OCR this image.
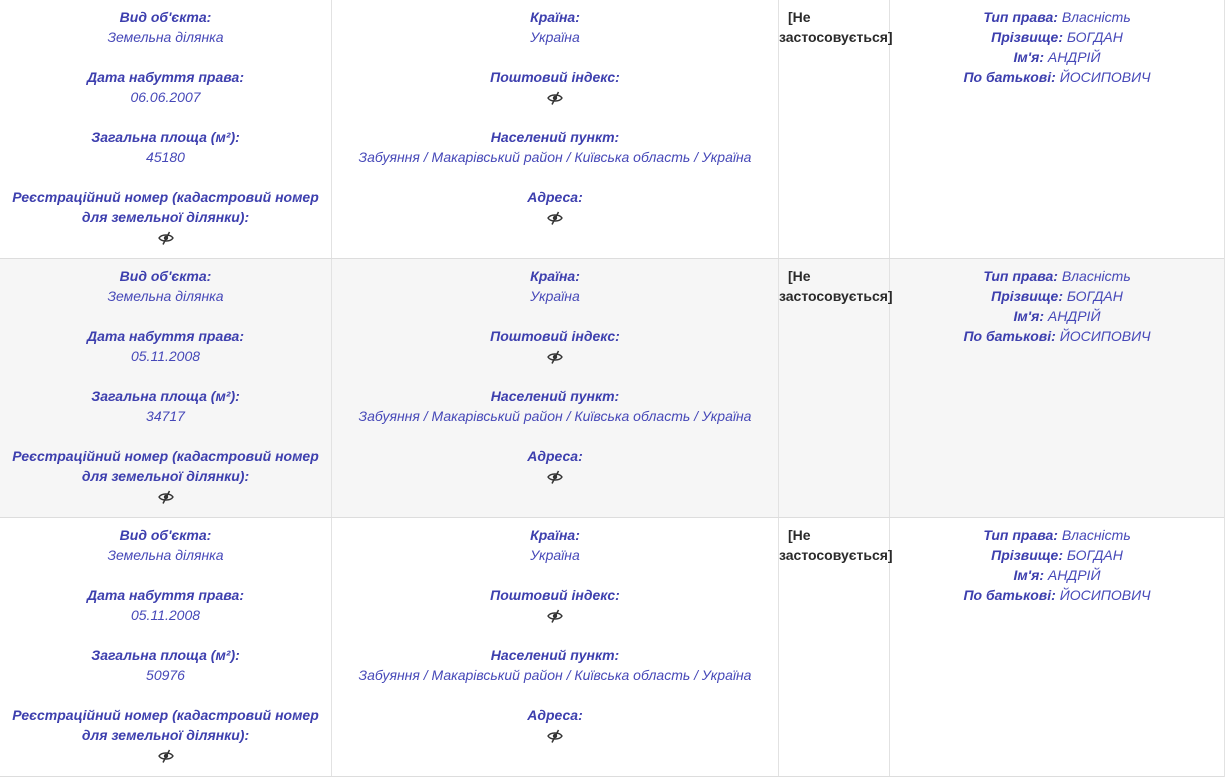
Вид об'єкта:
Земельна ділянка
Дата набуття права:
06.06.2007
Загальна площа (м²):
45180
Реєстраційний номер (кадастровий номер
для земельної ділянки):
Країна:
Україна
Поштовий індекс:
Населений пункт:
Забуяння / Макарівський район / Київська область / Україна
Адреса:
[Не
застосовується]
Тип права: Власність
Прізвище: БОГДАН
Ім'я: АНДРІЙ
По батькові: ЙОСИПОВИЧ
Вид об'єкта:
Земельна ділянка
Дата набуття права:
05.11.2008
Загальна площа (м²):
34717
Реєстраційний номер (кадастровий номер
для земельної ділянки):
Країна:
Україна
Поштовий індекс:
Населений пункт:
Забуяння / Макарівський район / Київська область / Україна
Адреса:
[Не
застосовується]
Тип права: Власність
Прізвище: БОГДАН
Ім'я: АНДРІЙ
По батькові: ЙОСИПОВИЧ
Вид об'єкта:
Земельна ділянка
Дата набуття права:
05.11.2008
Загальна площа (м²):
50976
Реєстраційний номер (кадастровий номер
для земельної ділянки):
Країна:
Україна
Поштовий індекс:
Населений пункт:
Забуяння / Макарівський район / Київська область / Україна
Адреса:
[Не
застосовується]
Тип права: Власність
Прізвище: БОГДАН
Ім'я: АНДРІЙ
По батькові: ЙОСИПОВИЧ
